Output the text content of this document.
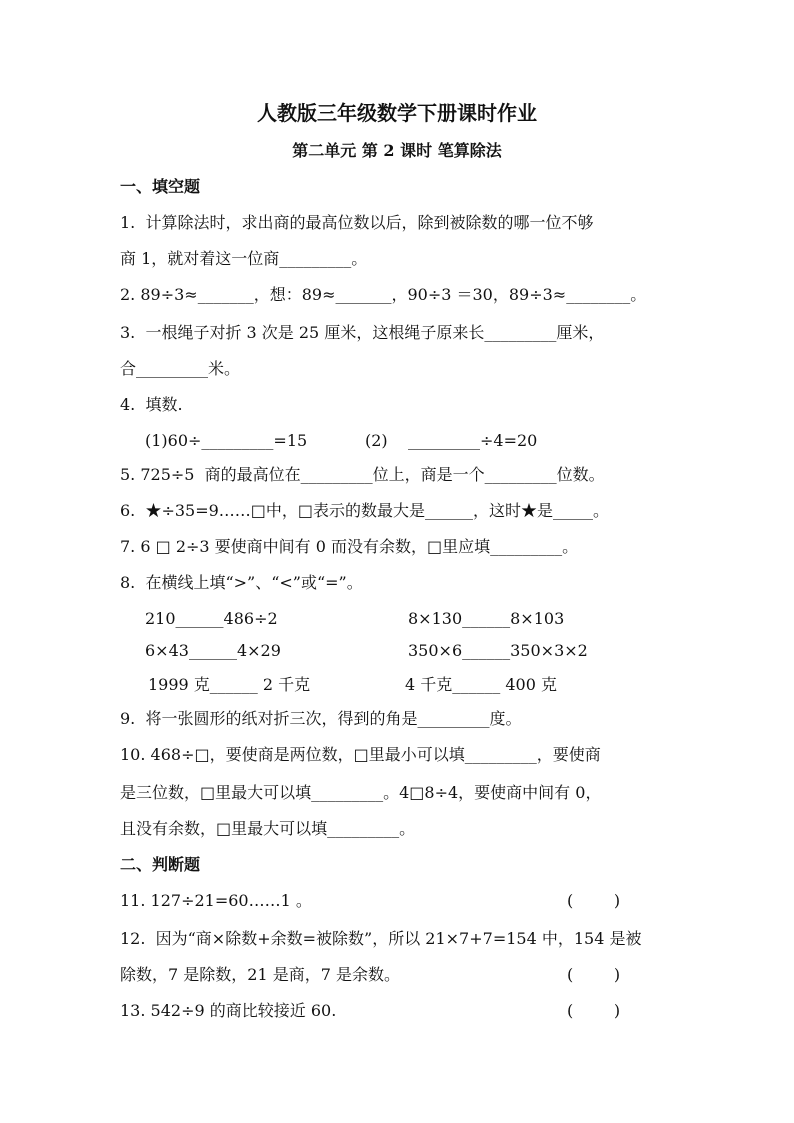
人教版三年级数学下册课时作业
第二单元 第 2 课时 笔算除法
一、填空题
1.  计算除法时，求出商的最高位数以后，除到被除数的哪一位不够
商 1，就对着这一位商_________。
2. 89÷3≈_______，想：89≈_______，90÷3 ＝30，89÷3≈________。
3.  一根绳子对折 3 次是 25 厘米，这根绳子原来长_________厘米，
合_________米。
4.  填数.
(1)60÷_________=15	(2)    _________÷4=20
5. 725÷5  商的最高位在_________位上，商是一个_________位数。
6.  ★÷35=9……□中，□表示的数最大是______，这时★是_____。
7. 6 □ 2÷3 要使商中间有 0 而没有余数，□里应填_________。
8.  在横线上填“>”、“<”或“=”。
210______486÷2	8×130______8×103
6×43______4×29	350×6______350×3×2
1999 克______ 2 千克	4 千克______ 400 克
9.  将一张圆形的纸对折三次，得到的角是_________度。
10. 468÷□，要使商是两位数，□里最小可以填_________，要使商
是三位数，□里最大可以填_________。4□8÷4，要使商中间有 0，
且没有余数，□里最大可以填_________。
二、判断题
11. 127÷21=60……1 。	(        )
12.  因为“商×除数+余数=被除数”，所以 21×7+7=154 中，154 是被
除数，7 是除数，21 是商，7 是余数。	(        )
13. 542÷9 的商比较接近 60.	(        )
